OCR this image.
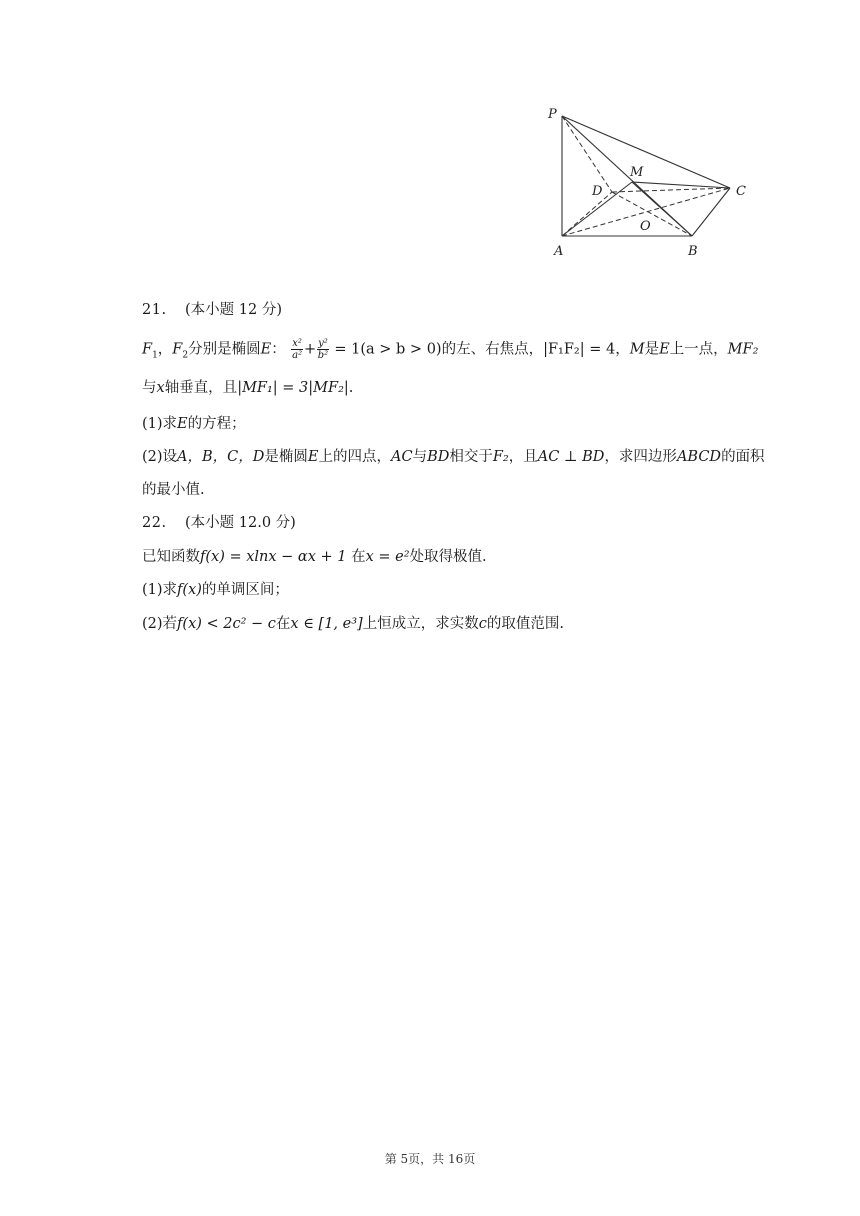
P
M
D	C
O
A	B
21. (本小题 12 分)
$F_1$，$F_2$分别是椭圆E： $\frac{\text{x²}}{\text{a²}} + \frac{\text{y²}}{\text{b²}} = 1(a > b > 0)$的左、右焦点，|F₁F₂| = 4，M是E上一点，MF₂
与x轴垂直，且|MF₁| = 3|MF₂|.
(1)求E的方程；
(2)设A，B，C，D是椭圆E上的四点，AC与BD相交于F₂，且AC ⊥ BD，求四边形ABCD的面积
的最小值.
22. (本小题 12.0 分)
已知函数f(x) = xlnx − αx + 1 在x = e²处取得极值.
(1)求f(x)的单调区间；
(2)若f(x) < 2c² − c在x ∈ [1, e³]上恒成立，求实数c的取值范围.
第 5页，共 16页
